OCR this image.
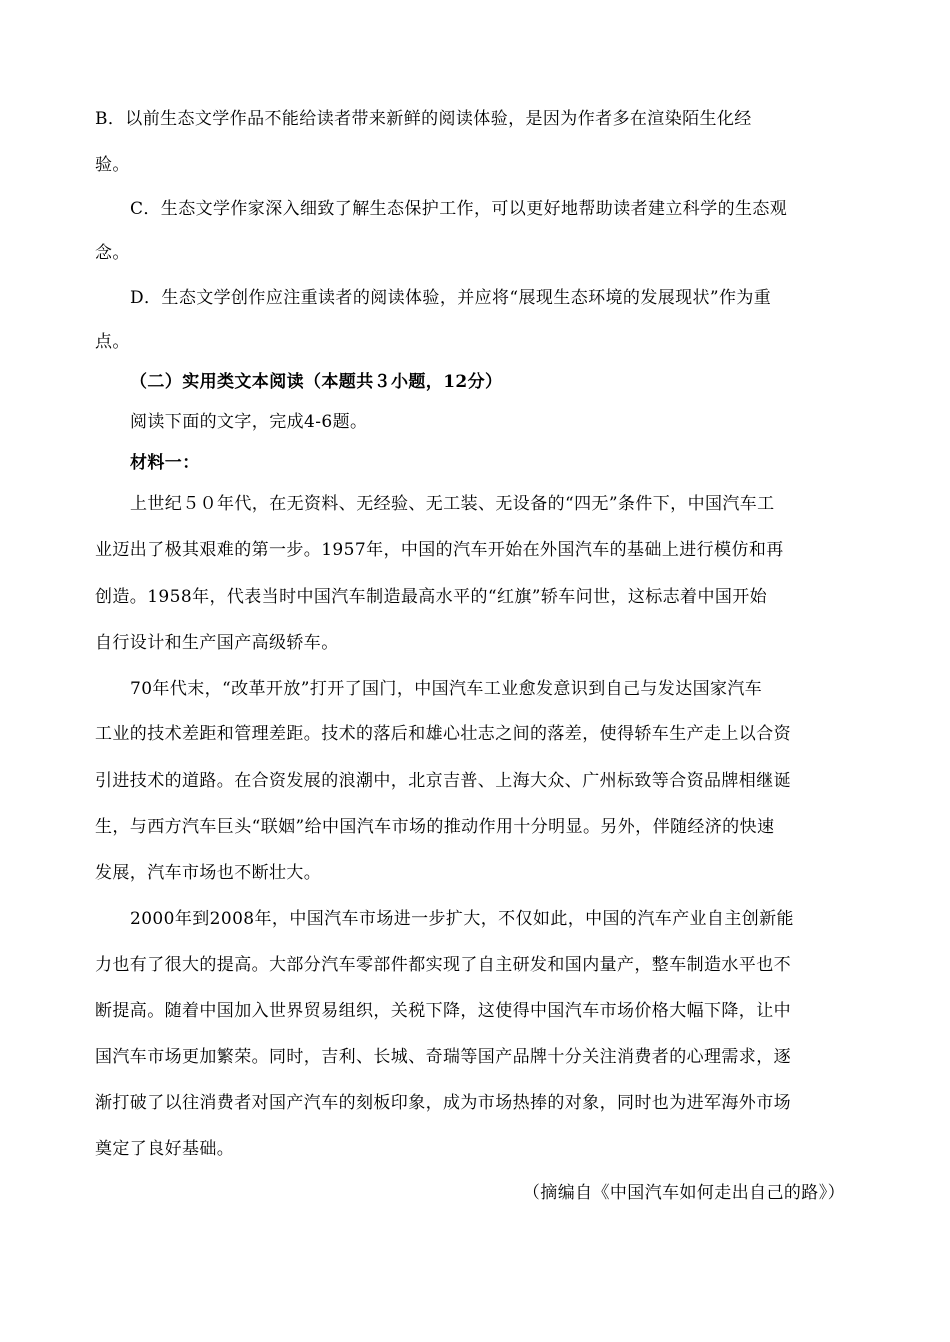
B．以前生态文学作品不能给读者带来新鲜的阅读体验，是因为作者多在渲染陌生化经

验。

C．生态文学作家深入细致了解生态保护工作，可以更好地帮助读者建立科学的生态观

念。

D．生态文学创作应注重读者的阅读体验，并应将“展现生态环境的发展现状”作为重

点。

（二）实用类文本阅读（本题共３小题，12分）

阅读下面的文字，完成4-6题。

材料一：

上世纪５０年代，在无资料、无经验、无工装、无设备的“四无”条件下，中国汽车工

业迈出了极其艰难的第一步。1957年，中国的汽车开始在外国汽车的基础上进行模仿和再

创造。1958年，代表当时中国汽车制造最高水平的“红旗”轿车问世，这标志着中国开始

自行设计和生产国产高级轿车。

70年代末，“改革开放”打开了国门，中国汽车工业愈发意识到自己与发达国家汽车

工业的技术差距和管理差距。技术的落后和雄心壮志之间的落差，使得轿车生产走上以合资

引进技术的道路。在合资发展的浪潮中，北京吉普、上海大众、广州标致等合资品牌相继诞

生，与西方汽车巨头“联姻”给中国汽车市场的推动作用十分明显。另外，伴随经济的快速

发展，汽车市场也不断壮大。

2000年到2008年，中国汽车市场进一步扩大，不仅如此，中国的汽车产业自主创新能

力也有了很大的提高。大部分汽车零部件都实现了自主研发和国内量产，整车制造水平也不

断提高。随着中国加入世界贸易组织，关税下降，这使得中国汽车市场价格大幅下降，让中

国汽车市场更加繁荣。同时，吉利、长城、奇瑞等国产品牌十分关注消费者的心理需求，逐

渐打破了以往消费者对国产汽车的刻板印象，成为市场热捧的对象，同时也为进军海外市场

奠定了良好基础。

（摘编自《中国汽车如何走出自己的路》）
